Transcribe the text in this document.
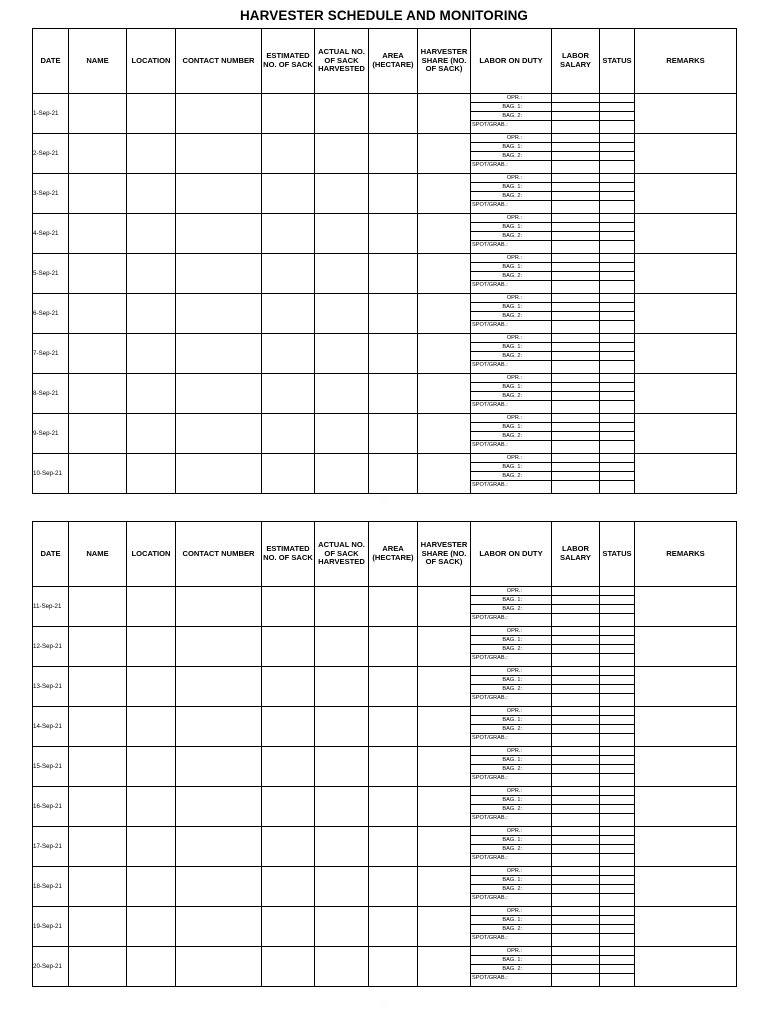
HARVESTER SCHEDULE AND MONITORING
DATE	NAME	LOCATION	CONTACT NUMBER	ESTIMATED NO. OF SACK	ACTUAL NO. OF SACK HARVESTED	AREA (HECTARE)	HARVESTER SHARE (NO. OF SACK)	LABOR ON DUTY	LABOR SALARY	STATUS	REMARKS
1-Sep-21								OPR.:
BAG. 1:
BAG. 2:
SPOT/GRAB.:			

2-Sep-21								OPR.:
BAG. 1:
BAG. 2:
SPOT/GRAB.:			

3-Sep-21								OPR.:
BAG. 1:
BAG. 2:
SPOT/GRAB.:			

4-Sep-21								OPR.:
BAG. 1:
BAG. 2:
SPOT/GRAB.:			

5-Sep-21								OPR.:
BAG. 1:
BAG. 2:
SPOT/GRAB.:			

6-Sep-21								OPR.:
BAG. 1:
BAG. 2:
SPOT/GRAB.:			

7-Sep-21								OPR.:
BAG. 1:
BAG. 2:
SPOT/GRAB.:			

8-Sep-21								OPR.:
BAG. 1:
BAG. 2:
SPOT/GRAB.:			

9-Sep-21								OPR.:
BAG. 1:
BAG. 2:
SPOT/GRAB.:			

10-Sep-21								OPR.:
BAG. 1:
BAG. 2:
SPOT/GRAB.:			

· · ·
DATE	NAME	LOCATION	CONTACT NUMBER	ESTIMATED NO. OF SACK	ACTUAL NO. OF SACK HARVESTED	AREA (HECTARE)	HARVESTER SHARE (NO. OF SACK)	LABOR ON DUTY	LABOR SALARY	STATUS	REMARKS
11-Sep-21								OPR.:
BAG. 1:
BAG. 2:
SPOT/GRAB.:			

12-Sep-21								OPR.:
BAG. 1:
BAG. 2:
SPOT/GRAB.:			

13-Sep-21								OPR.:
BAG. 1:
BAG. 2:
SPOT/GRAB.:			

14-Sep-21								OPR.:
BAG. 1:
BAG. 2:
SPOT/GRAB.:			

15-Sep-21								OPR.:
BAG. 1:
BAG. 2:
SPOT/GRAB.:			

16-Sep-21								OPR.:
BAG. 1:
BAG. 2:
SPOT/GRAB.:			

17-Sep-21								OPR.:
BAG. 1:
BAG. 2:
SPOT/GRAB.:			

18-Sep-21								OPR.:
BAG. 1:
BAG. 2:
SPOT/GRAB.:			

19-Sep-21								OPR.:
BAG. 1:
BAG. 2:
SPOT/GRAB.:			

20-Sep-21								OPR.:
BAG. 1:
BAG. 2:
SPOT/GRAB.:			

· · ·
